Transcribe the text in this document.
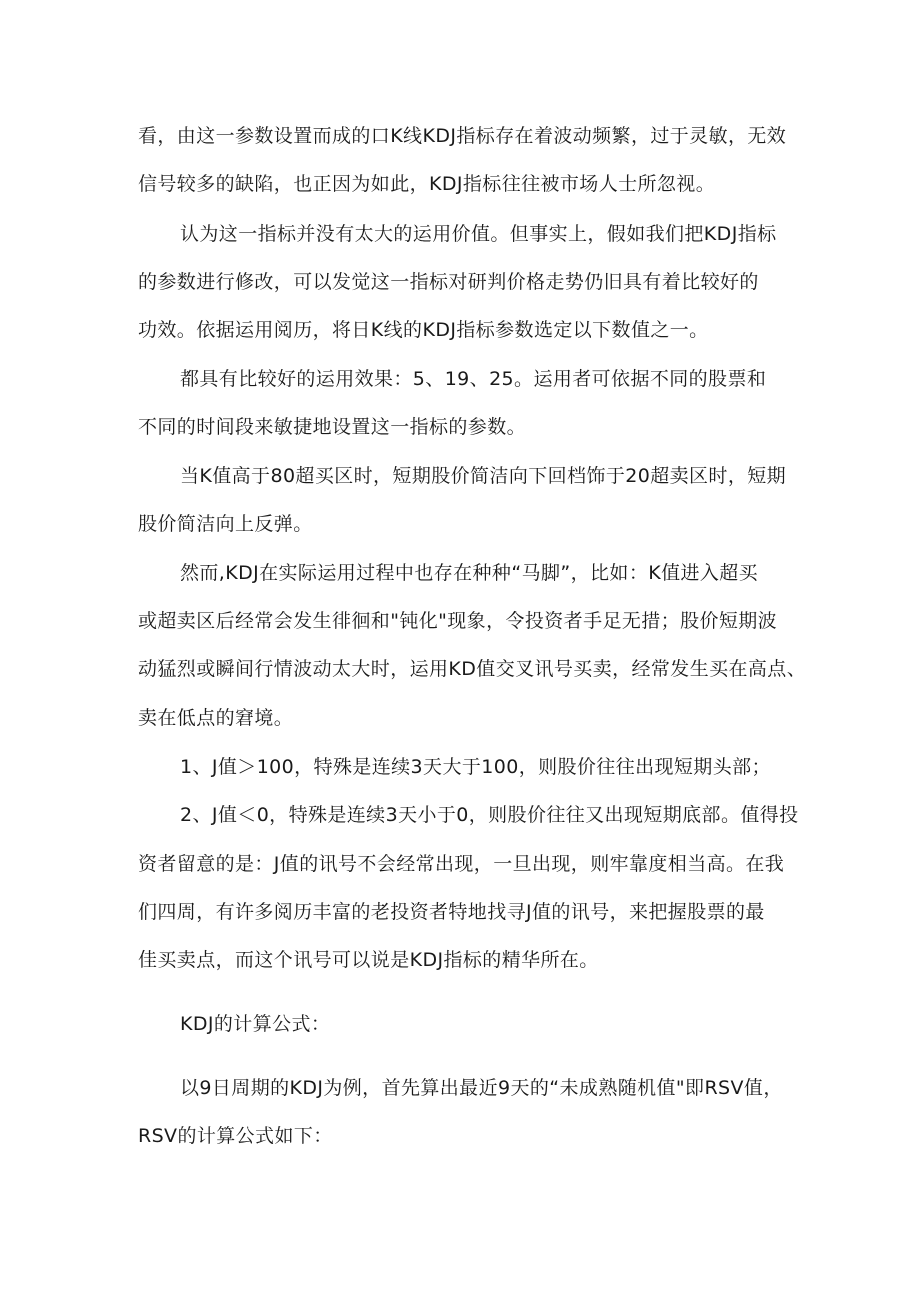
看，由这一参数设置而成的口K线KDJ指标存在着波动频繁，过于灵敏，无效
信号较多的缺陷，也正因为如此，KDJ指标往往被市场人士所忽视。
认为这一指标并没有太大的运用价值。但事实上，假如我们把KDJ指标
的参数进行修改，可以发觉这一指标对研判价格走势仍旧具有着比较好的
功效。依据运用阅历，将日K线的KDJ指标参数选定以下数值之一。
都具有比较好的运用效果：5、19、25。运用者可依据不同的股票和
不同的时间段来敏捷地设置这一指标的参数。
当K值高于80超买区时，短期股价简洁向下回档饰于20超卖区时，短期
股价简洁向上反弹。
然而,KDJ在实际运用过程中也存在种种“马脚”，比如：K值进入超买
或超卖区后经常会发生徘徊和"钝化"现象，令投资者手足无措；股价短期波
动猛烈或瞬间行情波动太大时，运用KD值交叉讯号买卖，经常发生买在高点、
卖在低点的窘境。
1、J值＞100，特殊是连续3天大于100，则股价往往出现短期头部；
2、J值＜0，特殊是连续3天小于0，则股价往往又出现短期底部。值得投
资者留意的是：J值的讯号不会经常出现，一旦出现，则牢靠度相当高。在我
们四周，有许多阅历丰富的老投资者特地找寻J值的讯号，来把握股票的最
佳买卖点，而这个讯号可以说是KDJ指标的精华所在。
KDJ的计算公式：
以9日周期的KDJ为例，首先算出最近9天的“未成熟随机值"即RSV值，
RSV的计算公式如下：
